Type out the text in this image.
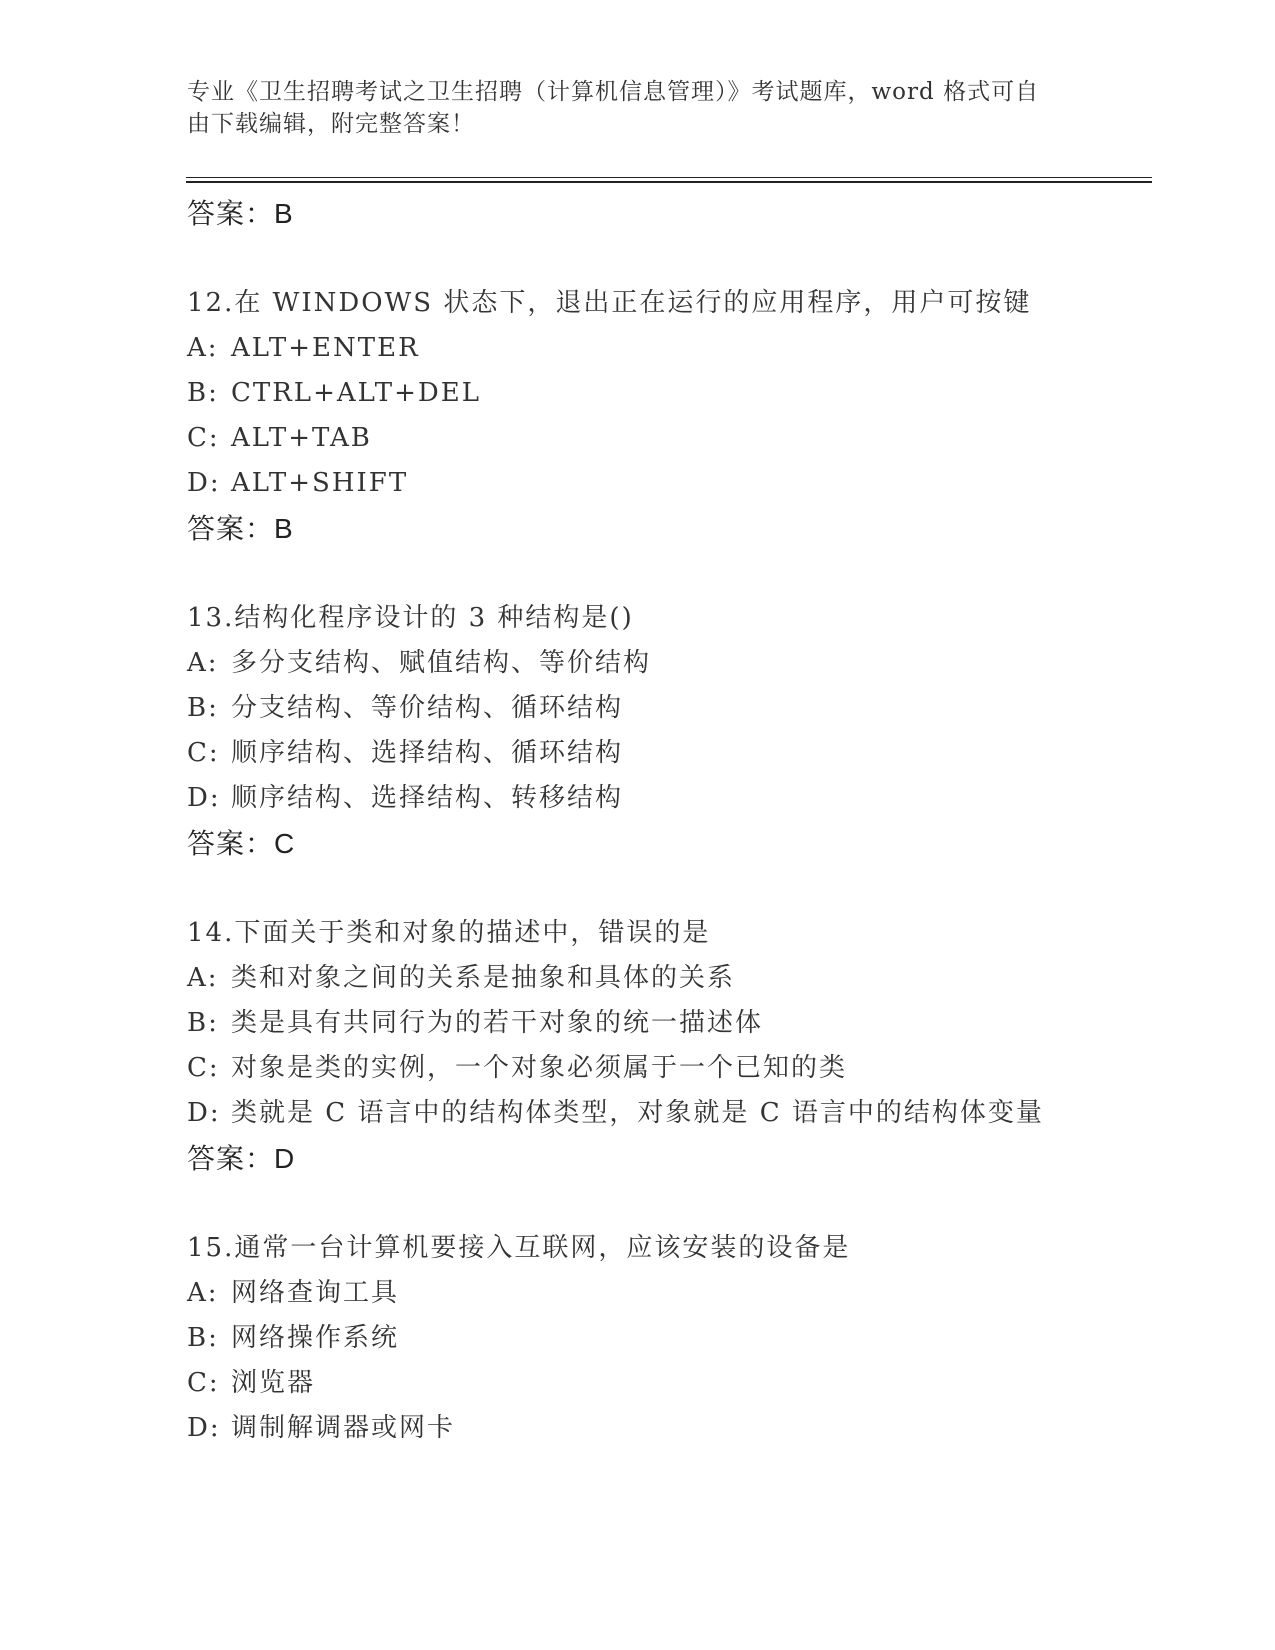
专业《卫生招聘考试之卫生招聘（计算机信息管理）》考试题库，word 格式可自
由下载编辑，附完整答案！
答案：B
12.在 WINDOWS 状态下，退出正在运行的应用程序，用户可按键
A: ALT+ENTER
B: CTRL+ALT+DEL
C: ALT+TAB
D: ALT+SHIFT
答案：B
13.结构化程序设计的 3 种结构是()
A: 多分支结构、赋值结构、等价结构
B: 分支结构、等价结构、循环结构
C: 顺序结构、选择结构、循环结构
D: 顺序结构、选择结构、转移结构
答案：C
14.下面关于类和对象的描述中，错误的是
A: 类和对象之间的关系是抽象和具体的关系
B: 类是具有共同行为的若干对象的统一描述体
C: 对象是类的实例，一个对象必须属于一个已知的类
D: 类就是 C 语言中的结构体类型，对象就是 C 语言中的结构体变量
答案：D
15.通常一台计算机要接入互联网，应该安装的设备是
A: 网络查询工具
B: 网络操作系统
C: 浏览器
D: 调制解调器或网卡
